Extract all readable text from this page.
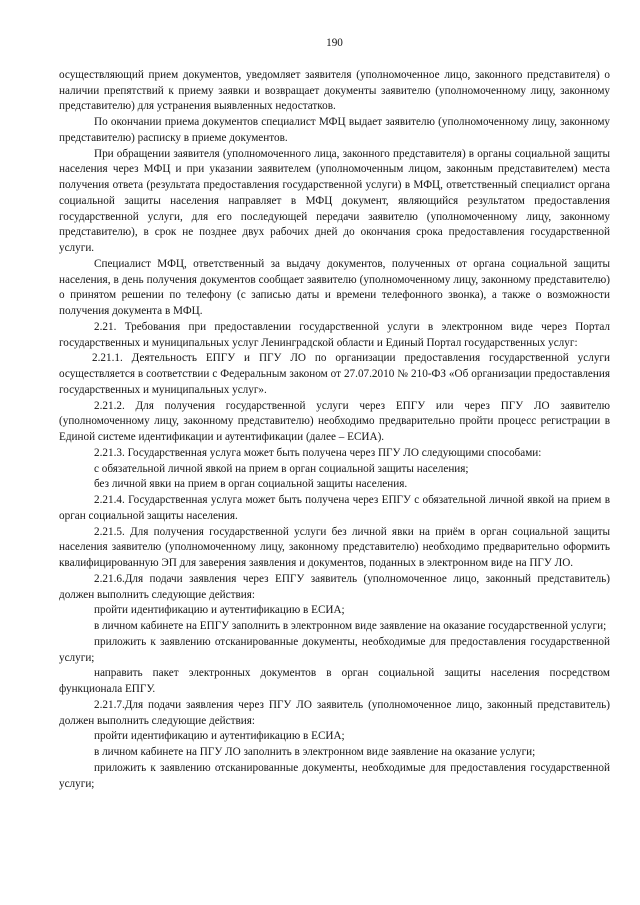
190

осуществляющий прием документов, уведомляет заявителя (уполномоченное лицо, законного представителя) о наличии препятствий к приему заявки и возвращает документы заявителю (уполномоченному лицу, законному представителю) для устранения выявленных недостатков.

По окончании приема документов специалист МФЦ выдает заявителю (уполномоченному лицу, законному представителю) расписку в приеме документов.

При обращении заявителя (уполномоченного лица, законного представителя) в органы социальной защиты населения через МФЦ и при указании заявителем (уполномоченным лицом, законным представителем) места получения ответа (результата предоставления государственной услуги) в МФЦ, ответственный специалист органа социальной защиты населения направляет в МФЦ документ, являющийся результатом предоставления государственной услуги, для его последующей передачи заявителю (уполномоченному лицу, законному представителю), в срок не позднее двух рабочих дней до окончания срока предоставления государственной услуги.

Специалист МФЦ, ответственный за выдачу документов, полученных от органа социальной защиты населения, в день получения документов сообщает заявителю (уполномоченному лицу, законному представителю) о принятом решении по телефону (с записью даты и времени телефонного звонка), а также о возможности получения документа в МФЦ.

2.21. Требования при предоставлении государственной услуги в электронном виде через Портал государственных и муниципальных услуг Ленинградской области и Единый Портал государственных услуг:

2.21.1. Деятельность ЕПГУ и ПГУ ЛО по организации предоставления государственной услуги осуществляется в соответствии с Федеральным законом от 27.07.2010 № 210-ФЗ «Об организации предоставления государственных и муниципальных услуг».

2.21.2. Для получения государственной услуги через ЕПГУ или через ПГУ ЛО заявителю (уполномоченному лицу, законному представителю) необходимо предварительно пройти процесс регистрации в Единой системе идентификации и аутентификации (далее – ЕСИА).

2.21.3. Государственная услуга может быть получена через ПГУ ЛО следующими способами:

с обязательной личной явкой на прием в орган социальной защиты населения;

без личной явки на прием в орган социальной защиты населения.

2.21.4. Государственная услуга может быть получена через ЕПГУ с обязательной личной явкой на прием в орган социальной защиты населения.

2.21.5. Для получения государственной услуги без личной явки на приём в орган социальной защиты населения заявителю (уполномоченному лицу, законному представителю) необходимо предварительно оформить квалифицированную ЭП для заверения заявления и документов, поданных в электронном виде на ПГУ ЛО.

2.21.6.Для подачи заявления через ЕПГУ заявитель (уполномоченное лицо, законный представитель) должен выполнить следующие действия:

пройти идентификацию и аутентификацию в ЕСИА;

в личном кабинете на ЕПГУ заполнить в электронном виде заявление на оказание государственной услуги;

приложить к заявлению отсканированные документы, необходимые для предоставления государственной услуги;

направить пакет электронных документов в орган социальной защиты населения посредством функционала ЕПГУ.

2.21.7.Для подачи заявления через ПГУ ЛО заявитель (уполномоченное лицо, законный представитель) должен выполнить следующие действия:

пройти идентификацию и аутентификацию в ЕСИА;

в личном кабинете на ПГУ ЛО заполнить в электронном виде заявление на оказание услуги;

приложить к заявлению отсканированные документы, необходимые для предоставления государственной услуги;
